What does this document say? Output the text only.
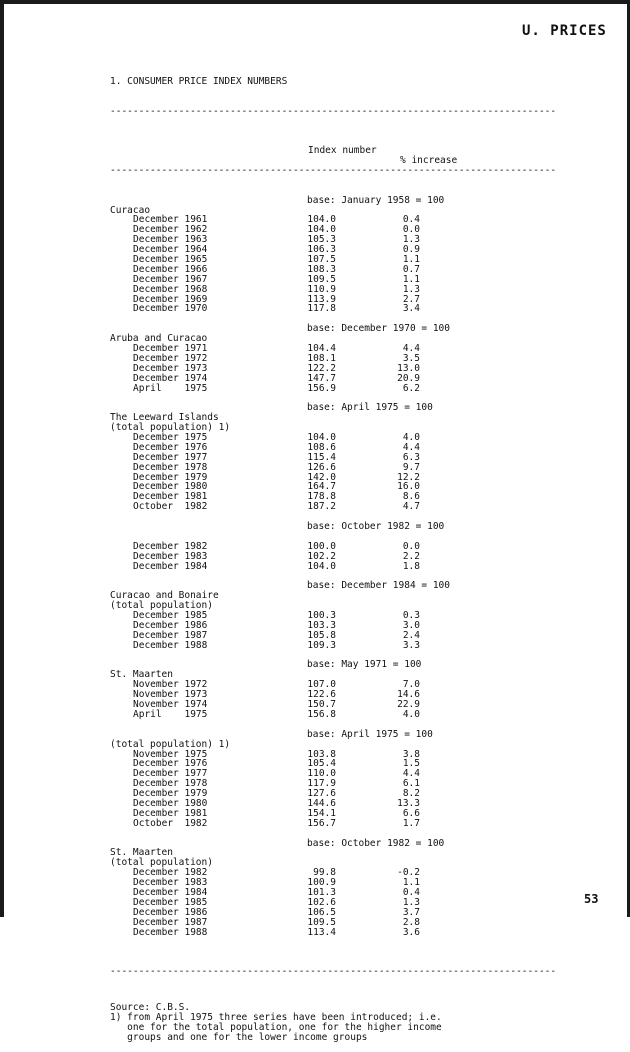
U. PRICES

1. CONSUMER PRICE INDEX NUMBERS

------------------------------------------------------------------------------

Index number

% increase

------------------------------------------------------------------------------

base: January 1958 = 100
Curacao
December 1961	104.0	0.4
December 1962	104.0	0.0
December 1963	105.3	1.3
December 1964	106.3	0.9
December 1965	107.5	1.1
December 1966	108.3	0.7
December 1967	109.5	1.1
December 1968	110.9	1.3
December 1969	113.9	2.7
December 1970	117.8	3.4
base: December 1970 = 100
Aruba and Curacao
December 1971	104.4	4.4
December 1972	108.1	3.5
December 1973	122.2	13.0
December 1974	147.7	20.9
April    1975	156.9	6.2
base: April 1975 = 100
The Leeward Islands
(total population) 1)
December 1975	104.0	4.0
December 1976	108.6	4.4
December 1977	115.4	6.3
December 1978	126.6	9.7
December 1979	142.0	12.2
December 1980	164.7	16.0
December 1981	178.8	8.6
October  1982	187.2	4.7
base: October 1982 = 100
December 1982	100.0	0.0
December 1983	102.2	2.2
December 1984	104.0	1.8
base: December 1984 = 100
Curacao and Bonaire
(total population)
December 1985	100.3	0.3
December 1986	103.3	3.0
December 1987	105.8	2.4
December 1988	109.3	3.3
base: May 1971 = 100
St. Maarten
November 1972	107.0	7.0
November 1973	122.6	14.6
November 1974	150.7	22.9
April    1975	156.8	4.0
base: April 1975 = 100
(total population) 1)
November 1975	103.8	3.8
December 1976	105.4	1.5
December 1977	110.0	4.4
December 1978	117.9	6.1
December 1979	127.6	8.2
December 1980	144.6	13.3
December 1981	154.1	6.6
October  1982	156.7	1.7
base: October 1982 = 100
St. Maarten
(total population)
December 1982	99.8	-0.2
December 1983	100.9	1.1
December 1984	101.3	0.4
December 1985	102.6	1.3
December 1986	106.5	3.7
December 1987	109.5	2.8
December 1988	113.4	3.6

------------------------------------------------------------------------------

Source: C.B.S.
1) from April 1975 three series have been introduced; i.e.
one for the total population, one for the higher income
groups and one for the lower income groups

53
